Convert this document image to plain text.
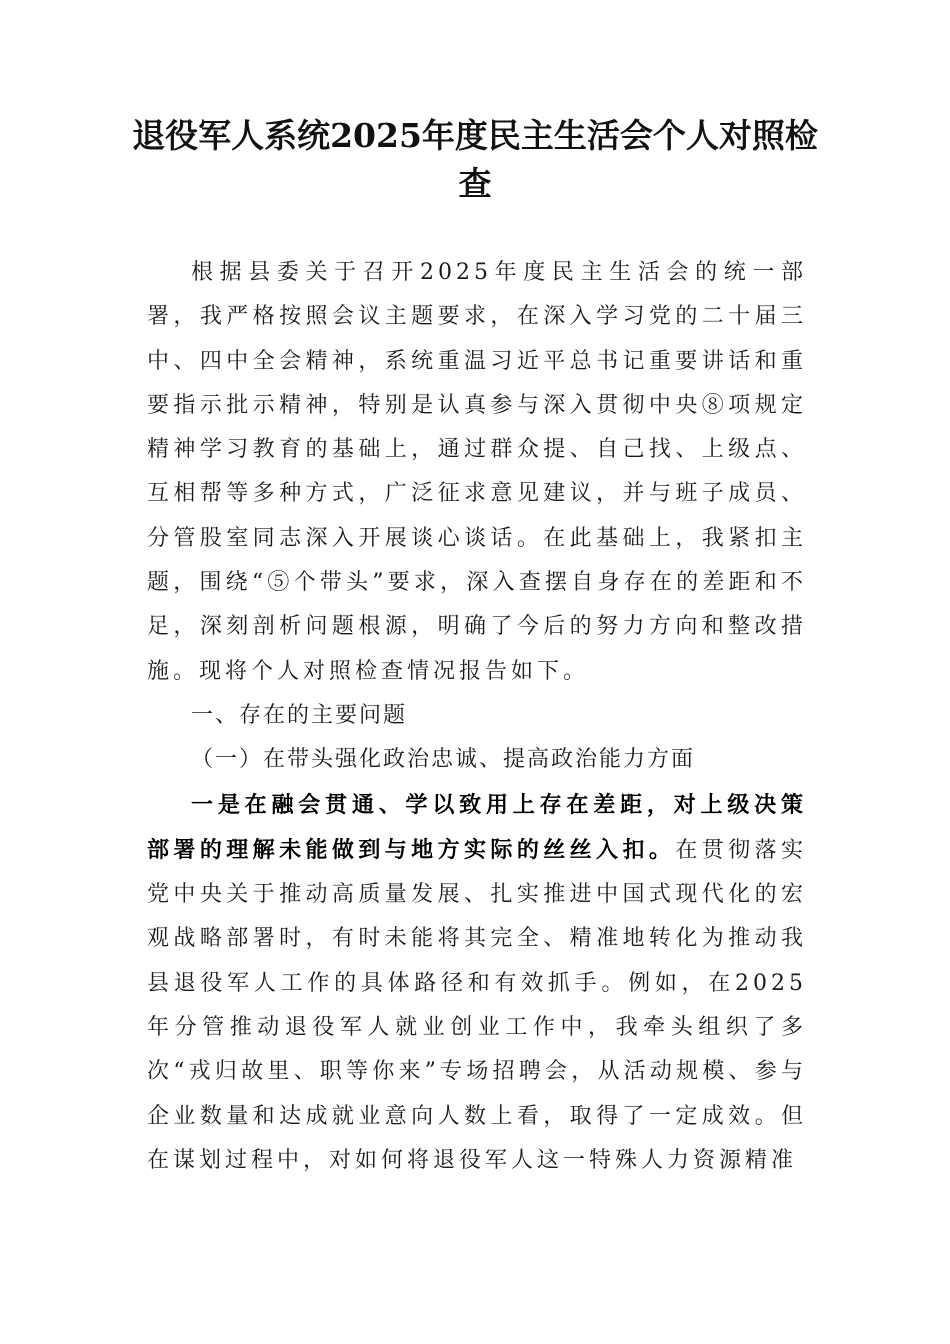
退役军人系统2025年度民主生活会个人对照检查

根据县委关于召开2025年度民主生活会的统一部署，我严格按照会议主题要求，在深入学习党的二十届三中、四中全会精神，系统重温习近平总书记重要讲话和重要指示批示精神，特别是认真参与深入贯彻中央⑧项规定精神学习教育的基础上，通过群众提、自己找、上级点、互相帮等多种方式，广泛征求意见建议，并与班子成员、分管股室同志深入开展谈心谈话。在此基础上，我紧扣主题，围绕“⑤个带头”要求，深入查摆自身存在的差距和不足，深刻剖析问题根源，明确了今后的努力方向和整改措施。现将个人对照检查情况报告如下。

一、存在的主要问题

（一）在带头强化政治忠诚、提高政治能力方面

一是在融会贯通、学以致用上存在差距，对上级决策部署的理解未能做到与地方实际的丝丝入扣。在贯彻落实党中央关于推动高质量发展、扎实推进中国式现代化的宏观战略部署时，有时未能将其完全、精准地转化为推动我县退役军人工作的具体路径和有效抓手。例如，在2025年分管推动退役军人就业创业工作中，我牵头组织了多次“戎归故里、职等你来”专场招聘会，从活动规模、参与企业数量和达成就业意向人数上看，取得了一定成效。但在谋划过程中，对如何将退役军人这一特殊人力资源精准
